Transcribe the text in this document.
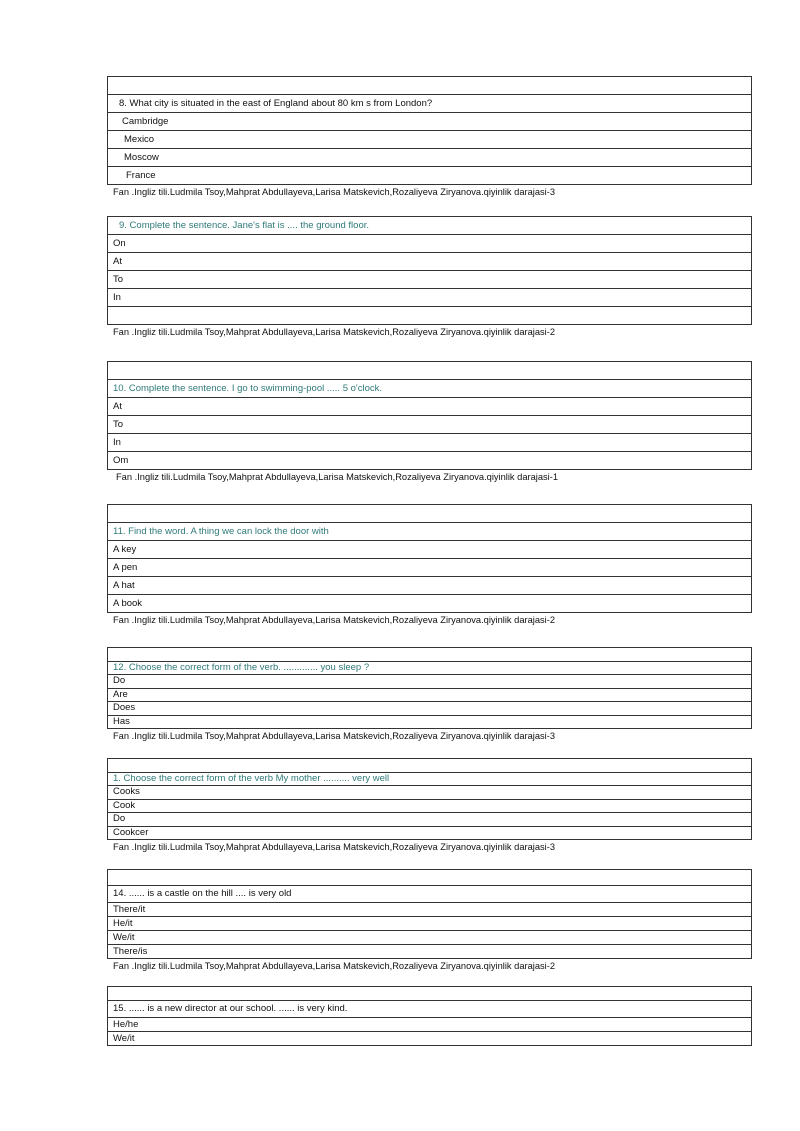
8. What city is situated in the east of England about 80 km s from London?
Cambridge
Mexico
Moscow
France
Fan .Ingliz tili.Ludmila Tsoy,Mahprat Abdullayeva,Larisa Matskevich,Rozaliyeva Ziryanova.qiyinlik darajasi-3
9. Complete the sentence. Jane's flat is .... the ground floor.
On
At
To
In

Fan .Ingliz tili.Ludmila Tsoy,Mahprat Abdullayeva,Larisa Matskevich,Rozaliyeva Ziryanova.qiyinlik darajasi-2

10. Complete the sentence. I go to swimming-pool ..... 5 o'clock.
At
To
In
Om
Fan .Ingliz tili.Ludmila Tsoy,Mahprat Abdullayeva,Larisa Matskevich,Rozaliyeva Ziryanova.qiyinlik darajasi-1

11. Find the word. A thing we can lock the door with
A key
A pen
A hat
A book
Fan .Ingliz tili.Ludmila Tsoy,Mahprat Abdullayeva,Larisa Matskevich,Rozaliyeva Ziryanova.qiyinlik darajasi-2

12. Choose the correct form of the verb. ............. you sleep ?
Do
Are
Does
Has
Fan .Ingliz tili.Ludmila Tsoy,Mahprat Abdullayeva,Larisa Matskevich,Rozaliyeva Ziryanova.qiyinlik darajasi-3

1. Choose the correct form of the verb My mother .......... very well
Cooks
Cook
Do
Cookcer
Fan .Ingliz tili.Ludmila Tsoy,Mahprat Abdullayeva,Larisa Matskevich,Rozaliyeva Ziryanova.qiyinlik darajasi-3

14. ...... is a castle on the hill .... is very old
There/it
He/it
We/it
There/is
Fan .Ingliz tili.Ludmila Tsoy,Mahprat Abdullayeva,Larisa Matskevich,Rozaliyeva Ziryanova.qiyinlik darajasi-2

15. ...... is a new director at our school. ...... is very kind.
He/he
We/it
